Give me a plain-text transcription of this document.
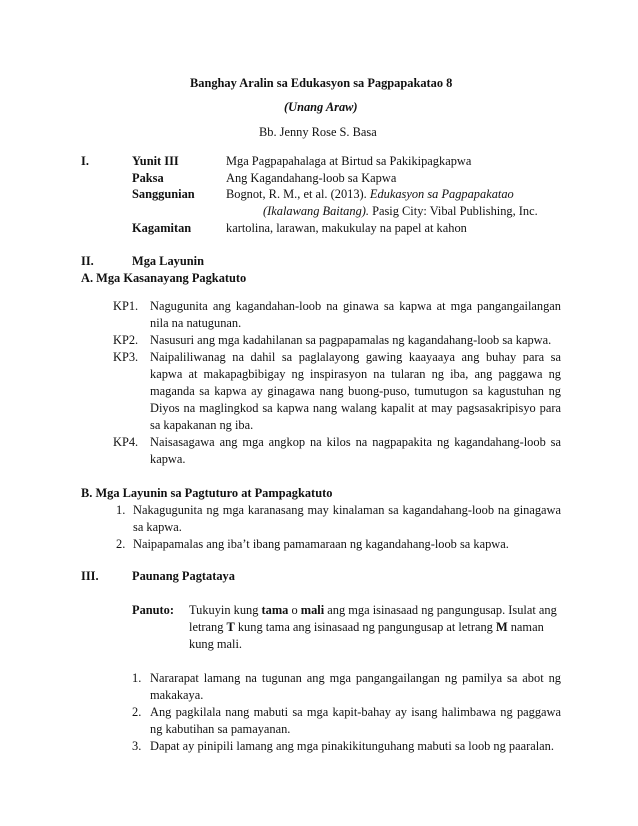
Banghay Aralin sa Edukasyon sa Pagpapakatao 8
(Unang Araw)
Bb. Jenny Rose S. Basa
I.	Yunit III	Mga Pagpapahalaga at Birtud sa Pakikipagkapwa
Paksa	Ang Kagandahang-loob sa Kapwa
Sanggunian	Bognot, R. M., et al. (2013). Edukasyon sa Pagpapakatao
(Ikalawang Baitang). Pasig City: Vibal Publishing, Inc.
Kagamitan	kartolina, larawan, makukulay na papel at kahon
II.	Mga Layunin
A. Mga Kasanayang Pagkatuto
KP1. Nagugunita ang kagandahan-loob na ginawa sa kapwa at mga pangangailangan
nila na natugunan.
KP2. Nasusuri ang mga kadahilanan sa pagpapamalas ng kagandahang-loob sa kapwa.
KP3. Naipaliliwanag na dahil sa paglalayong gawing kaayaaya ang buhay para sa
kapwa at makapagbibigay ng inspirasyon na tularan ng iba, ang paggawa ng
maganda sa kapwa ay ginagawa nang buong-puso, tumutugon sa kagustuhan ng
Diyos na maglingkod sa kapwa nang walang kapalit at may pagsasakripisyo para
sa kapakanan ng iba.
KP4. Naisasagawa ang mga angkop na kilos na nagpapakita ng kagandahang-loob sa
kapwa.
B. Mga Layunin sa Pagtuturo at Pampagkatuto
1. Nakagugunita ng mga karanasang may kinalaman sa kagandahang-loob na ginagawa
sa kapwa.
2. Naipapamalas ang iba’t ibang pamamaraan ng kagandahang-loob sa kapwa.
III.	Paunang Pagtataya
Panuto: Tukuyin kung tama o mali ang mga isinasaad ng pangungusap. Isulat ang
letrang T kung tama ang isinasaad ng pangungusap at letrang M naman
kung mali.
1. Nararapat lamang na tugunan ang mga pangangailangan ng pamilya sa abot ng
makakaya.
2. Ang pagkilala nang mabuti sa mga kapit-bahay ay isang halimbawa ng paggawa
ng kabutihan sa pamayanan.
3. Dapat ay pinipili lamang ang mga pinakikitunguhang mabuti sa loob ng paaralan.
